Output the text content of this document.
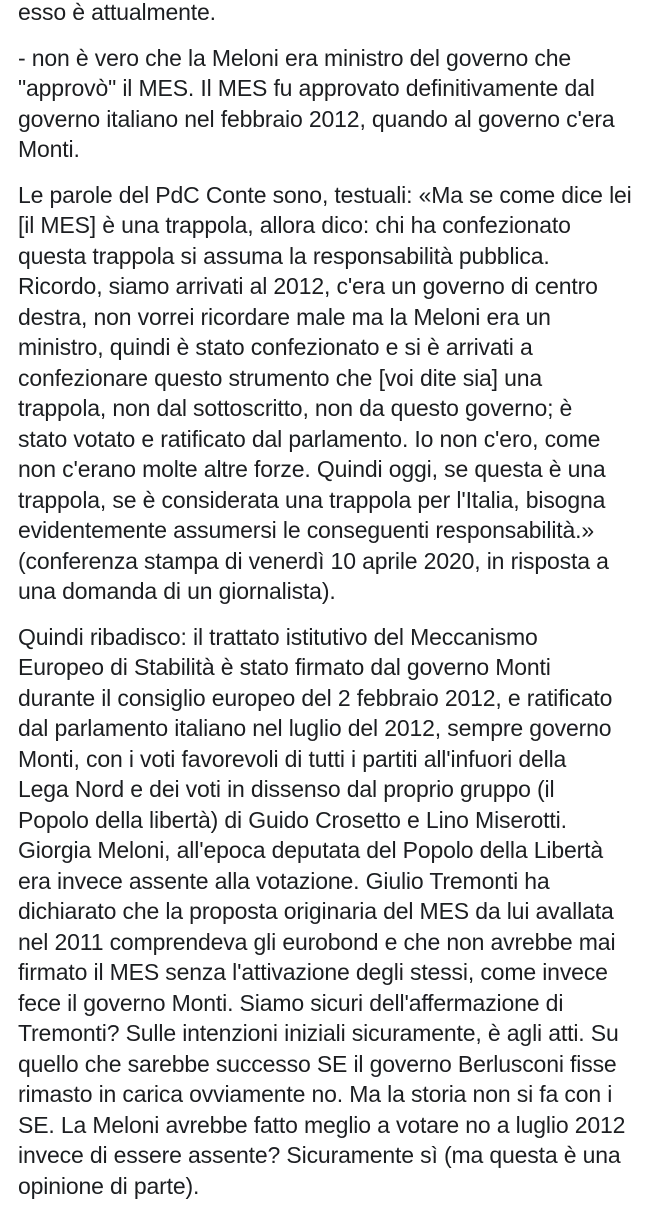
esso è attualmente.
- non è vero che la Meloni era ministro del governo che
"approvò" il MES. Il MES fu approvato definitivamente dal
governo italiano nel febbraio 2012, quando al governo c'era
Monti.
Le parole del PdC Conte sono, testuali: «Ma se come dice lei
[il MES] è una trappola, allora dico: chi ha confezionato
questa trappola si assuma la responsabilità pubblica.
Ricordo, siamo arrivati al 2012, c'era un governo di centro
destra, non vorrei ricordare male ma la Meloni era un
ministro, quindi è stato confezionato e si è arrivati a
confezionare questo strumento che [voi dite sia] una
trappola, non dal sottoscritto, non da questo governo; è
stato votato e ratificato dal parlamento. Io non c'ero, come
non c'erano molte altre forze. Quindi oggi, se questa è una
trappola, se è considerata una trappola per l'Italia, bisogna
evidentemente assumersi le conseguenti responsabilità.»
(conferenza stampa di venerdì 10 aprile 2020, in risposta a
una domanda di un giornalista).
Quindi ribadisco: il trattato istitutivo del Meccanismo
Europeo di Stabilità è stato firmato dal governo Monti
durante il consiglio europeo del 2 febbraio 2012, e ratificato
dal parlamento italiano nel luglio del 2012, sempre governo
Monti, con i voti favorevoli di tutti i partiti all'infuori della
Lega Nord e dei voti in dissenso dal proprio gruppo (il
Popolo della libertà) di Guido Crosetto e Lino Miserotti.
Giorgia Meloni, all'epoca deputata del Popolo della Libertà
era invece assente alla votazione. Giulio Tremonti ha
dichiarato che la proposta originaria del MES da lui avallata
nel 2011 comprendeva gli eurobond e che non avrebbe mai
firmato il MES senza l'attivazione degli stessi, come invece
fece il governo Monti. Siamo sicuri dell'affermazione di
Tremonti? Sulle intenzioni iniziali sicuramente, è agli atti. Su
quello che sarebbe successo SE il governo Berlusconi fisse
rimasto in carica ovviamente no. Ma la storia non si fa con i
SE. La Meloni avrebbe fatto meglio a votare no a luglio 2012
invece di essere assente? Sicuramente sì (ma questa è una
opinione di parte).
